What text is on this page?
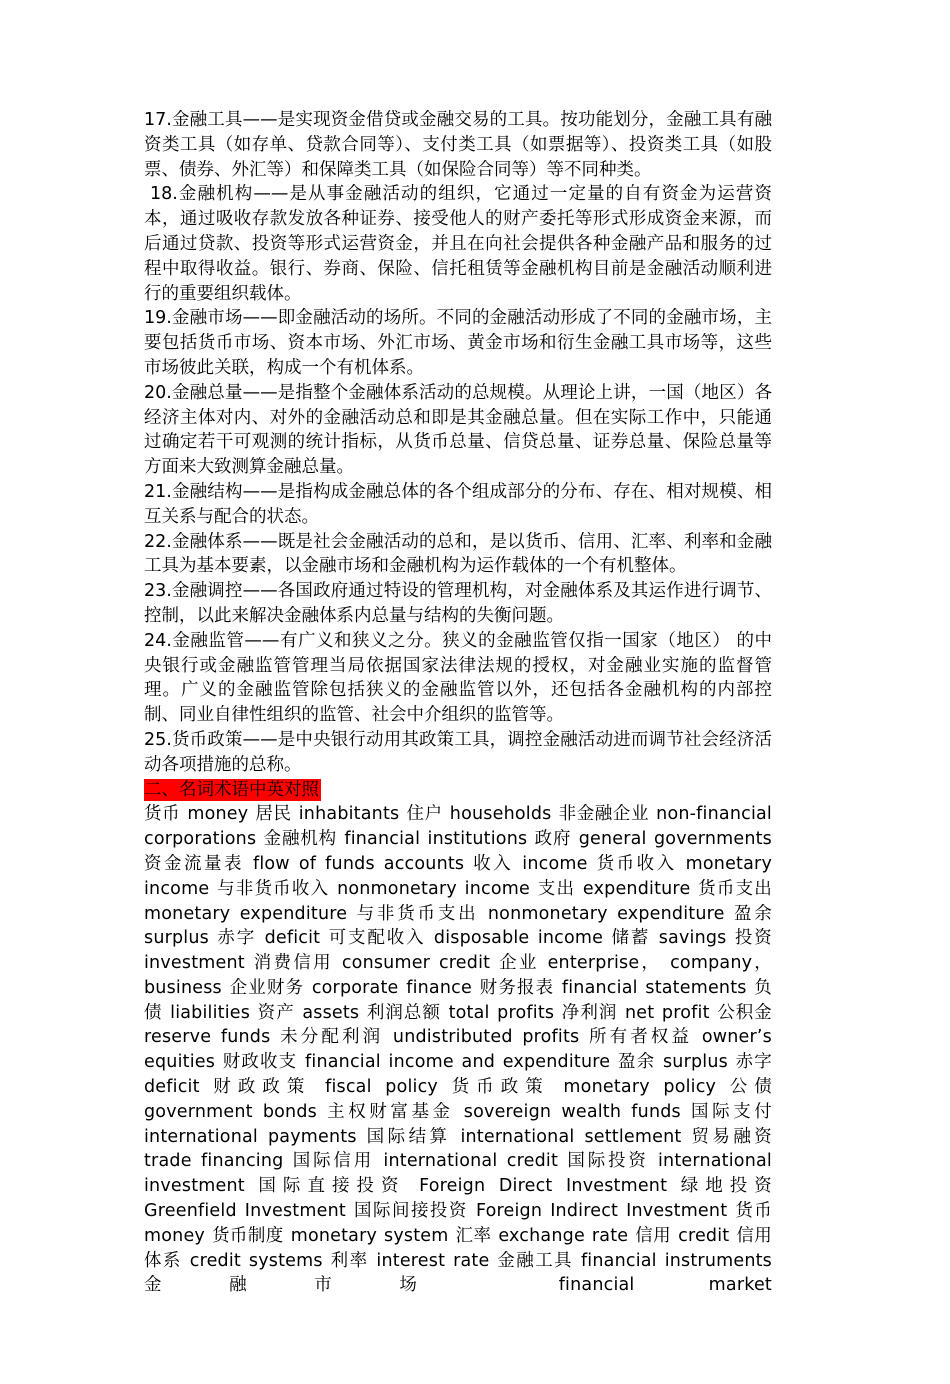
17.金融工具——是实现资金借贷或金融交易的工具。按功能划分，金融工具有融资类工具（如存单、贷款合同等）、支付类工具（如票据等）、投资类工具（如股票、债券、外汇等）和保障类工具（如保险合同等）等不同种类。

18.金融机构——是从事金融活动的组织，它通过一定量的自有资金为运营资本，通过吸收存款发放各种证券、接受他人的财产委托等形式形成资金来源，而后通过贷款、投资等形式运营资金，并且在向社会提供各种金融产品和服务的过程中取得收益。银行、券商、保险、信托租赁等金融机构目前是金融活动顺利进行的重要组织载体。

19.金融市场——即金融活动的场所。不同的金融活动形成了不同的金融市场，主要包括货币市场、资本市场、外汇市场、黄金市场和衍生金融工具市场等，这些市场彼此关联，构成一个有机体系。

20.金融总量——是指整个金融体系活动的总规模。从理论上讲，一国（地区）各经济主体对内、对外的金融活动总和即是其金融总量。但在实际工作中，只能通过确定若干可观测的统计指标，从货币总量、信贷总量、证券总量、保险总量等方面来大致测算金融总量。

21.金融结构——是指构成金融总体的各个组成部分的分布、存在、相对规模、相互关系与配合的状态。

22.金融体系——既是社会金融活动的总和，是以货币、信用、汇率、利率和金融工具为基本要素，以金融市场和金融机构为运作载体的一个有机整体。

23.金融调控——各国政府通过特设的管理机构，对金融体系及其运作进行调节、控制，以此来解决金融体系内总量与结构的失衡问题。

24.金融监管——有广义和狭义之分。狭义的金融监管仅指一国家（地区） 的中央银行或金融监管管理当局依据国家法律法规的授权，对金融业实施的监督管理。广义的金融监管除包括狭义的金融监管以外，还包括各金融机构的内部控制、同业自律性组织的监管、社会中介组织的监管等。

25.货币政策——是中央银行动用其政策工具，调控金融活动进而调节社会经济活动各项措施的总称。

二、名词术语中英对照

货币 money 居民 inhabitants 住户 households 非金融企业 non-financial corporations 金融机构 financial institutions 政府 general governments 资金流量表 flow of funds accounts 收入 income 货币收入 monetary income 与非货币收入 nonmonetary income 支出 expenditure 货币支出 monetary expenditure 与非货币支出 nonmonetary expenditure 盈余 surplus 赤字 deficit 可支配收入 disposable income 储蓄 savings 投资 investment 消费信用 consumer credit 企业 enterprise， company， business 企业财务 corporate finance 财务报表 financial statements 负债 liabilities 资产 assets 利润总额 total profits 净利润 net profit 公积金 reserve funds 未分配利润 undistributed profits 所有者权益 owner’s equities 财政收支 financial income and expenditure 盈余 surplus 赤字 deficit 财政政策 fiscal policy 货币政策 monetary policy 公债 government bonds 主权财富基金 sovereign wealth funds 国际支付 international payments 国际结算 international settlement 贸易融资 trade financing 国际信用 international credit 国际投资 international investment 国际直接投资 Foreign Direct Investment 绿地投资 Greenfield Investment 国际间接投资 Foreign Indirect Investment 货币 money 货币制度 monetary system 汇率 exchange rate 信用 credit 信用体系 credit systems 利率 interest rate 金融工具 financial instruments 金融市场 financial market
